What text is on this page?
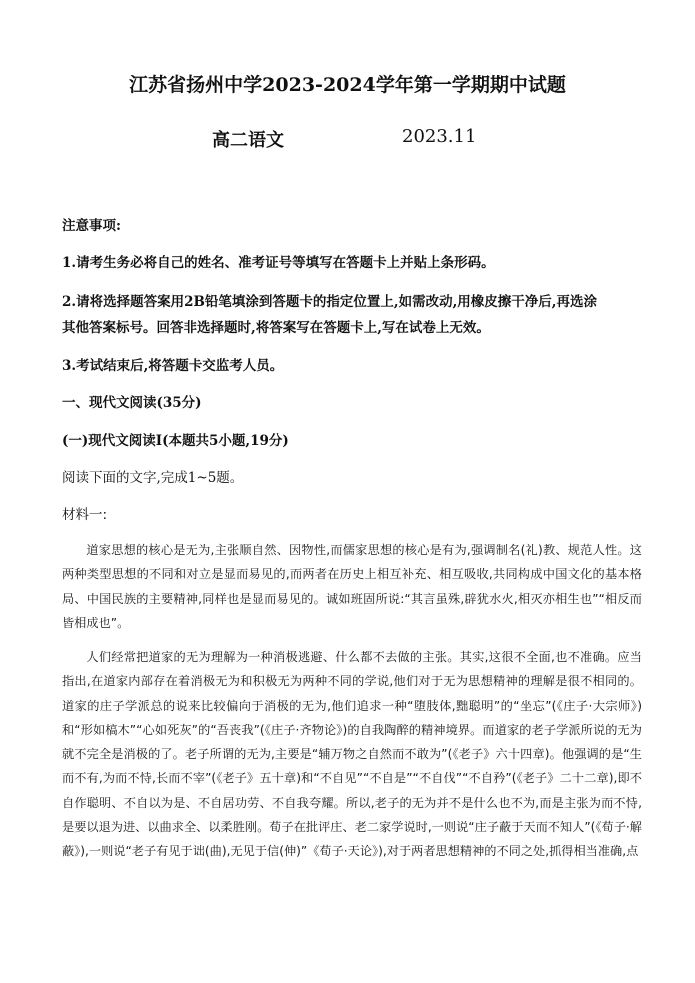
江苏省扬州中学2023-2024学年第一学期期中试题
高二语文	2023.11
注意事项:
1.请考生务必将自己的姓名、准考证号等填写在答题卡上并贴上条形码。
2.请将选择题答案用2B铅笔填涂到答题卡的指定位置上,如需改动,用橡皮擦干净后,再选涂
其他答案标号。回答非选择题时,将答案写在答题卡上,写在试卷上无效。
3.考试结束后,将答题卡交监考人员。
一、现代文阅读(35分)
(一)现代文阅读Ⅰ(本题共5小题,19分)
阅读下面的文字,完成1~5题。
材料一:
道家思想的核心是无为,主张顺自然、因物性,而儒家思想的核心是有为,强调制名(礼)教、规范人性。这两种类型思想的不同和对立是显而易见的,而两者在历史上相互补充、相互吸收,共同构成中国文化的基本格局、中国民族的主要精神,同样也是显而易见的。诚如班固所说:“其言虽殊,辟犹水火,相灭亦相生也”“相反而皆相成也”。
人们经常把道家的无为理解为一种消极逃避、什么都不去做的主张。其实,这很不全面,也不准确。应当指出,在道家内部存在着消极无为和积极无为两种不同的学说,他们对于无为思想精神的理解是很不相同的。道家的庄子学派总的说来比较偏向于消极的无为,他们追求一种“堕肢体,黜聪明”的“坐忘”(《庄子·大宗师》)和“形如槁木”“心如死灰”的“吾丧我”(《庄子·齐物论》)的自我陶醉的精神境界。而道家的老子学派所说的无为就不完全是消极的了。老子所谓的无为,主要是“辅万物之自然而不敢为”(《老子》六十四章)。他强调的是“生而不有,为而不恃,长而不宰”(《老子》五十章)和“不自见”“不自是”“不自伐”“不自矜”(《老子》二十二章),即不自作聪明、不自以为是、不自居功劳、不自我夸耀。所以,老子的无为并不是什么也不为,而是主张为而不恃,是要以退为进、以曲求全、以柔胜刚。荀子在批评庄、老二家学说时,一则说“庄子蔽于天而不知人”(《荀子·解蔽》),一则说“老子有见于诎(曲),无见于信(伸)”《荀子·天论》),对于两者思想精神的不同之处,抓得相当准确,点
